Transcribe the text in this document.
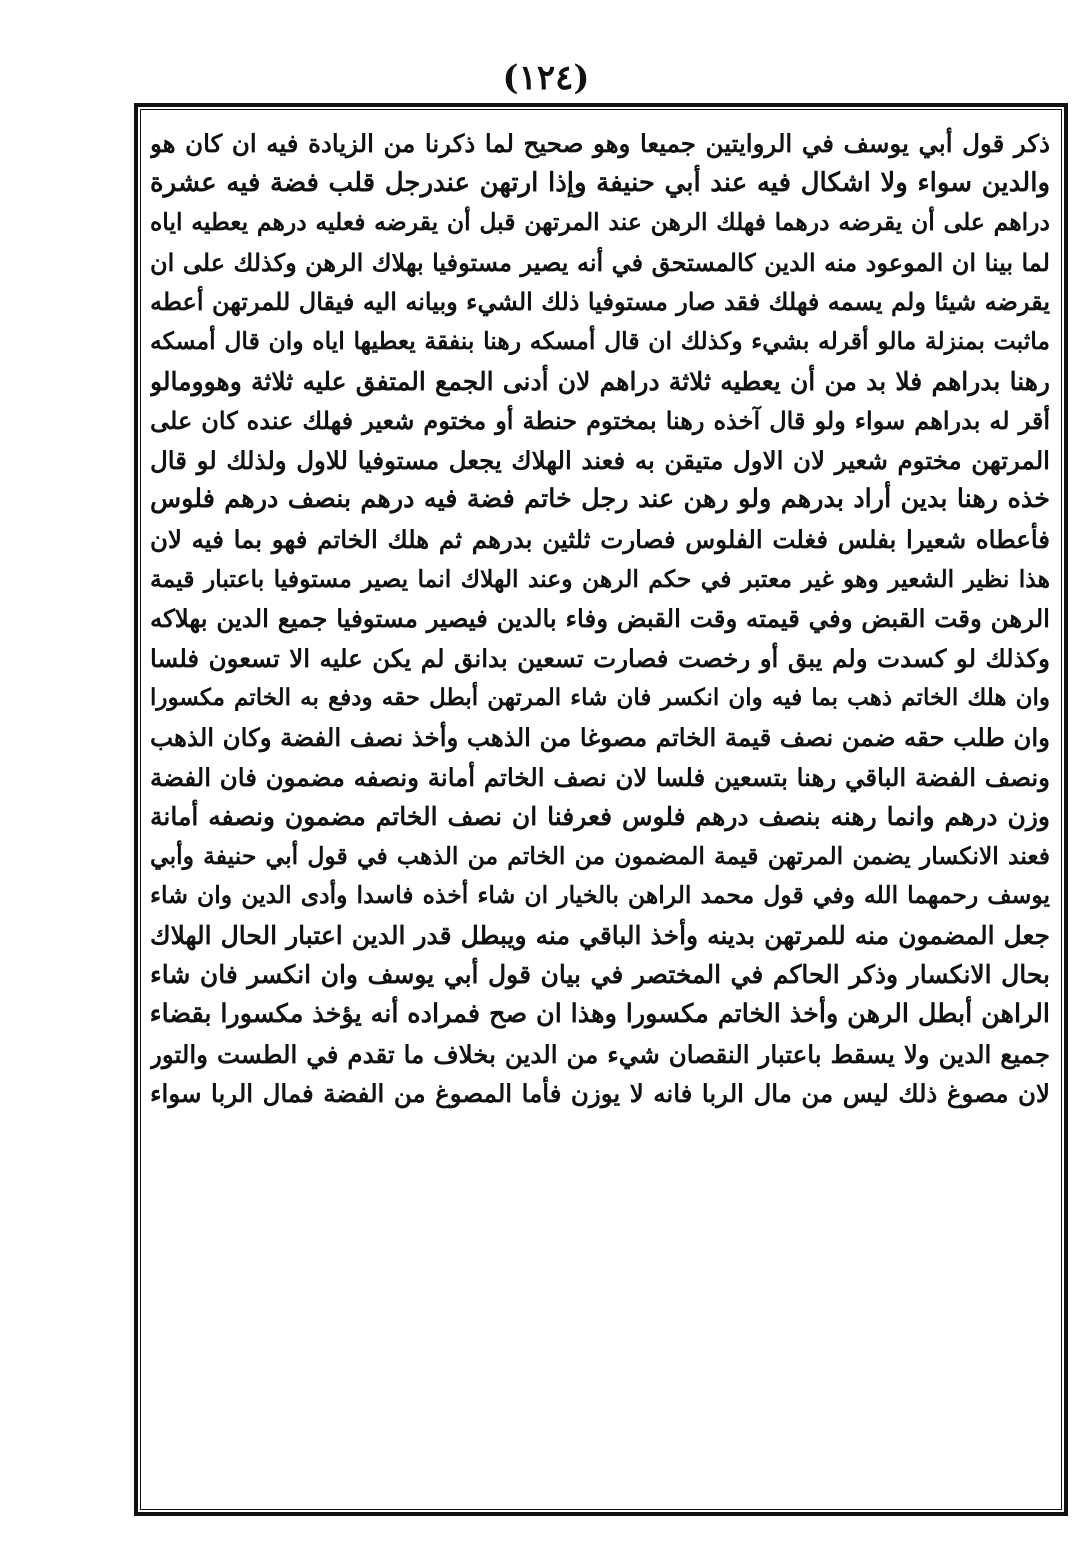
(١٢٤)
ذكر قول أبي يوسف في الروايتين جميعا وهو صحيح لما ذكرنا من الزيادة فيه ان كان هو
والدين سواء ولا اشكال فيه عند أبي حنيفة وإذا ارتهن عندرجل قلب فضة فيه عشرة
دراهم على أن يقرضه درهما فهلك الرهن عند المرتهن قبل أن يقرضه فعليه درهم يعطيه اياه
لما بينا ان الموعود منه الدين كالمستحق في أنه يصير مستوفيا بهلاك الرهن وكذلك على ان
يقرضه شيئا ولم يسمه فهلك فقد صار مستوفيا ذلك الشيء وبيانه اليه فيقال للمرتهن أعطه
ماثبت بمنزلة مالو أقرله بشيء وكذلك ان قال أمسكه رهنا بنفقة يعطيها اياه وان قال أمسكه
رهنا بدراهم فلا بد من أن يعطيه ثلاثة دراهم لان أدنى الجمع المتفق عليه ثلاثة وهوومالو
أقر له بدراهم سواء ولو قال آخذه رهنا بمختوم حنطة أو مختوم شعير فهلك عنده كان على
المرتهن مختوم شعير لان الاول متيقن به فعند الهلاك يجعل مستوفيا للاول ولذلك لو قال
خذه رهنا بدين أراد بدرهم ولو رهن عند رجل خاتم فضة فيه درهم بنصف درهم فلوس
فأعطاه شعيرا بفلس فغلت الفلوس فصارت ثلثين بدرهم ثم هلك الخاتم فهو بما فيه لان
هذا نظير الشعير وهو غير معتبر في حكم الرهن وعند الهلاك انما يصير مستوفيا باعتبار قيمة
الرهن وقت القبض وفي قيمته وقت القبض وفاء بالدين فيصير مستوفيا جميع الدين بهلاكه
وكذلك لو كسدت ولم يبق أو رخصت فصارت تسعين بدانق لم يكن عليه الا تسعون فلسا
وان هلك الخاتم ذهب بما فيه وان انكسر فان شاء المرتهن أبطل حقه ودفع به الخاتم مكسورا
وان طلب حقه ضمن نصف قيمة الخاتم مصوغا من الذهب وأخذ نصف الفضة وكان الذهب
ونصف الفضة الباقي رهنا بتسعين فلسا لان نصف الخاتم أمانة ونصفه مضمون فان الفضة
وزن درهم وانما رهنه بنصف درهم فلوس فعرفنا ان نصف الخاتم مضمون ونصفه أمانة
فعند الانكسار يضمن المرتهن قيمة المضمون من الخاتم من الذهب في قول أبي حنيفة وأبي
يوسف رحمهما الله وفي قول محمد الراهن بالخيار ان شاء أخذه فاسدا وأدى الدين وان شاء
جعل المضمون منه للمرتهن بدينه وأخذ الباقي منه ويبطل قدر الدين اعتبار الحال الهلاك
بحال الانكسار وذكر الحاكم في المختصر في بيان قول أبي يوسف وان انكسر فان شاء
الراهن أبطل الرهن وأخذ الخاتم مكسورا وهذا ان صح فمراده أنه يؤخذ مكسورا بقضاء
جميع الدين ولا يسقط باعتبار النقصان شيء من الدين بخلاف ما تقدم في الطست والتور
لان مصوغ ذلك ليس من مال الربا فانه لا يوزن فأما المصوغ من الفضة فمال الربا سواء
